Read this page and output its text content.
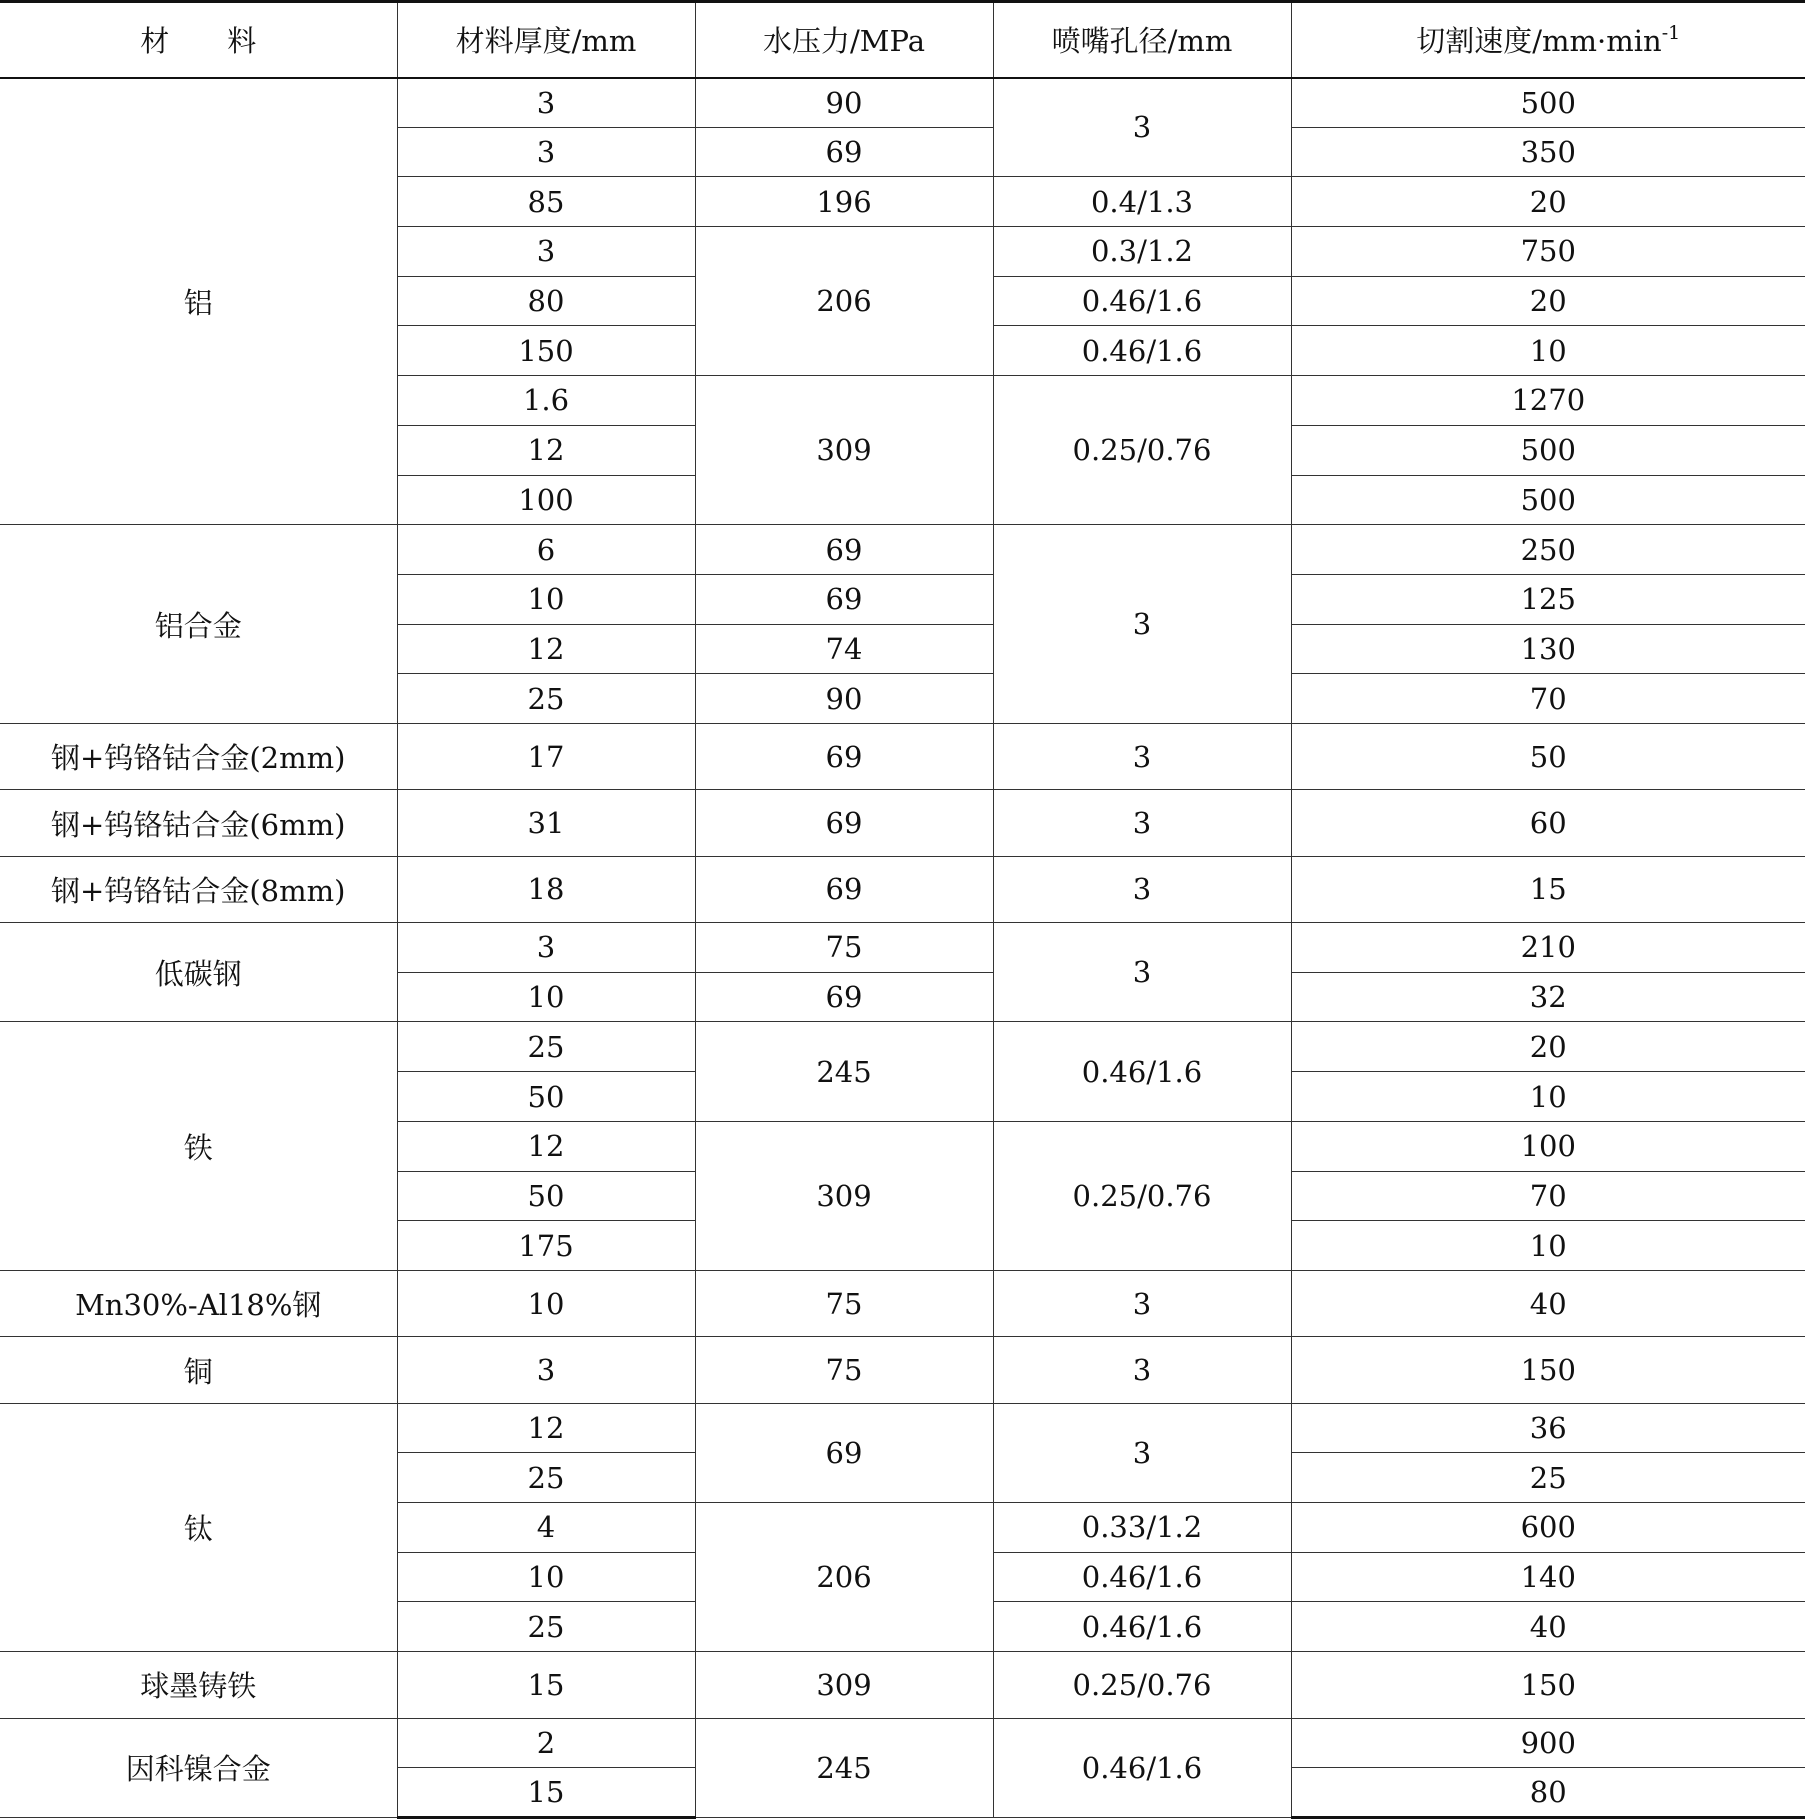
材　　料	材料厚度/mm	水压力/MPa	喷嘴孔径/mm	切割速度$/mm\cdot\min^{-1}$
铝	3	90	3	500
	3	69		350
	85	196	0.4/1.3	20
	3	206	0.3/1.2	750
	80		0.46/1.6	20
	150		0.46/1.6	10
	1.6	309	0.25/0.76	1270
	12			500
	100			500
铝合金	6	69	3	250
	10	69		125
	12	74		130
	25	90		70
钢+钨铬钴合金(2mm)	17	69	3	50
钢+钨铬钴合金(6mm)	31	69	3	60
钢+钨铬钴合金(8mm)	18	69	3	15
低碳钢	3	75	3	210
	10	69		32
铁	25	245	0.46/1.6	20
	50			10
	12	309	0.25/0.76	100
	50			70
	175			10
Mn30%-Al18%钢	10	75	3	40
铜	3	75	3	150
钛	12	69	3	36
	25			25
	4	206	0.33/1.2	600
	10		0.46/1.6	140
	25		0.46/1.6	40
球墨铸铁	15	309	0.25/0.76	150
因科镍合金	2	245	0.46/1.6	900
	15			80
